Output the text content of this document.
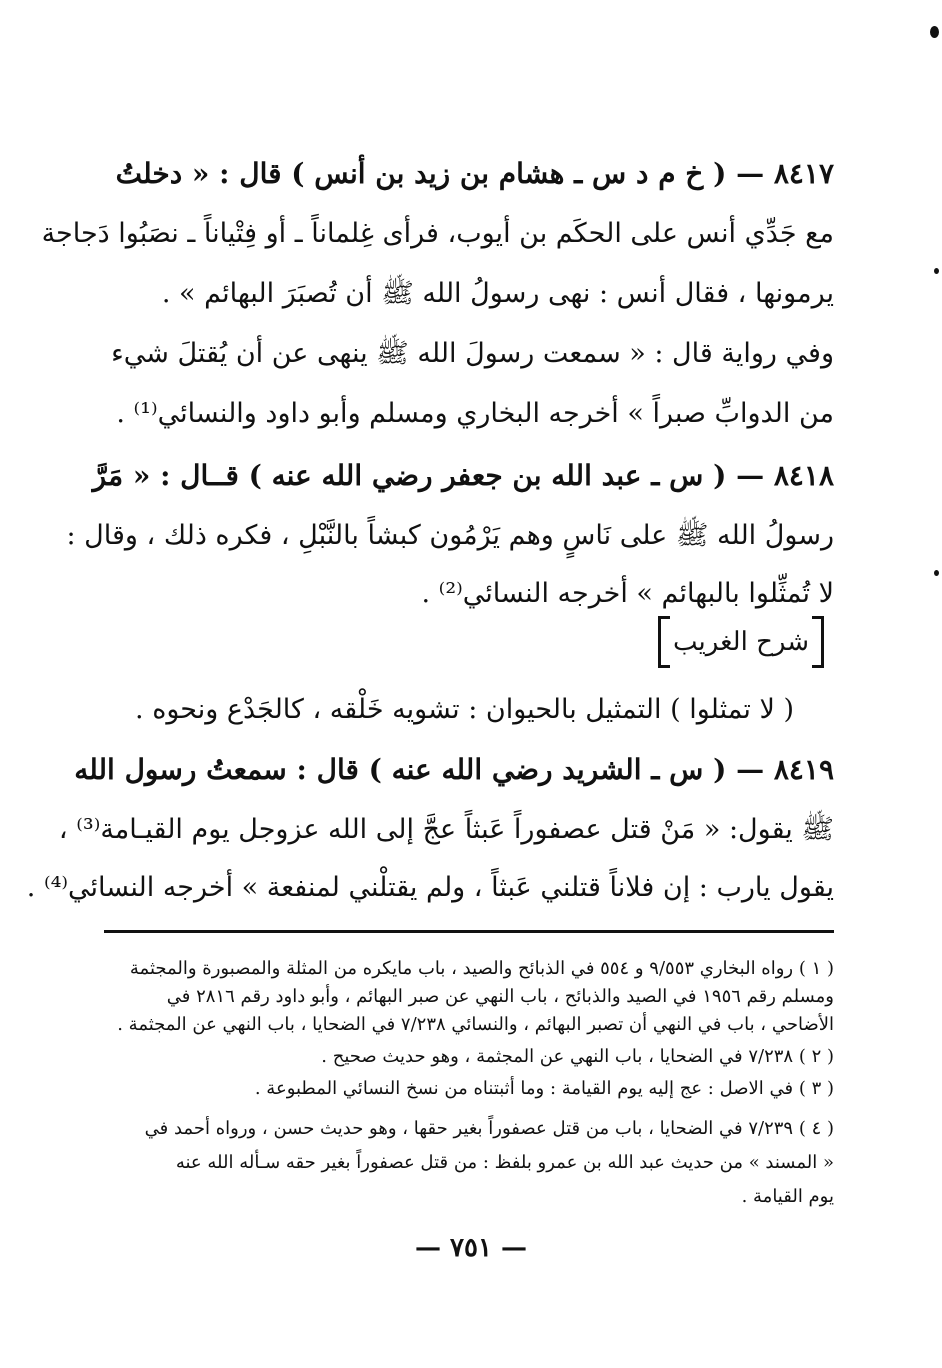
٨٤١٧ — ( خ م د س ـ هشام بن زيد بن أنس ) قال : « دخلتُ
مع جَدِّي أنس على الحكَم بن أيوب، فرأى غِلماناً ـ أو فِتْياناً ـ نصَبُوا دَجاجة
يرمونها ، فقال أنس : نهى رسولُ الله ﷺ أن تُصبَرَ البهائم » .
وفي رواية قال : « سمعت رسولَ الله ﷺ ينهى عن أن يُقتلَ شيء
من الدوابِّ صبراً » أخرجه البخاري ومسلم وأبو داود والنسائي⁽¹⁾ .
٨٤١٨ — ( س ـ عبد الله بن جعفر رضي الله عنه ) قــال : « مَرَّ
رسولُ الله ﷺ على نَاسٍ وهم يَرْمُون كبشاً بالنَّبْلِ ، فكره ذلك ، وقال :
لا تُمثِّلوا بالبهائم » أخرجه النسائي⁽²⁾ .
شرح الغريب
( لا تمثلوا ) التمثيل بالحيوان : تشويه خَلْقه ، كالجَدْع ونحوه .
٨٤١٩ — ( س ـ الشريد رضي الله عنه ) قال : سمعتُ رسول الله
ﷺ يقول: « مَنْ قتل عصفوراً عَبثاً عجَّ إلى الله عزوجل يوم القيـامة⁽³⁾ ،
يقول يارب : إن فلاناً قتلني عَبثاً ، ولم يقتلْني لمنفعة » أخرجه النسائي⁽⁴⁾ .
( ١ ) رواه البخاري ٩/٥٥٣ و ٥٥٤ في الذبائح والصيد ، باب مايكره من المثلة والمصبورة والمجثمة
ومسلم رقم ١٩٥٦ في الصيد والذبائح ، باب النهي عن صبر البهائم ، وأبو داود رقم ٢٨١٦ في
الأضاحي ، باب في النهي أن تصبر البهائم ، والنسائي ٧/٢٣٨ في الضحايا ، باب النهي عن المجثمة .
( ٢ ) ٧/٢٣٨ في الضحايا ، باب النهي عن المجثمة ، وهو حديث صحيح .
( ٣ ) في الاصل : عج إليه يوم القيامة : وما أثبتناه من نسخ النسائي المطبوعة .
( ٤ ) ٧/٢٣٩ في الضحايا ، باب من قتل عصفوراً بغير حقها ، وهو حديث حسن ، ورواه أحمد في
« المسند » من حديث عبد الله بن عمرو بلفظ : من قتل عصفوراً بغير حقه سـأله الله عنه
يوم القيامة .
— ٧٥١ —
